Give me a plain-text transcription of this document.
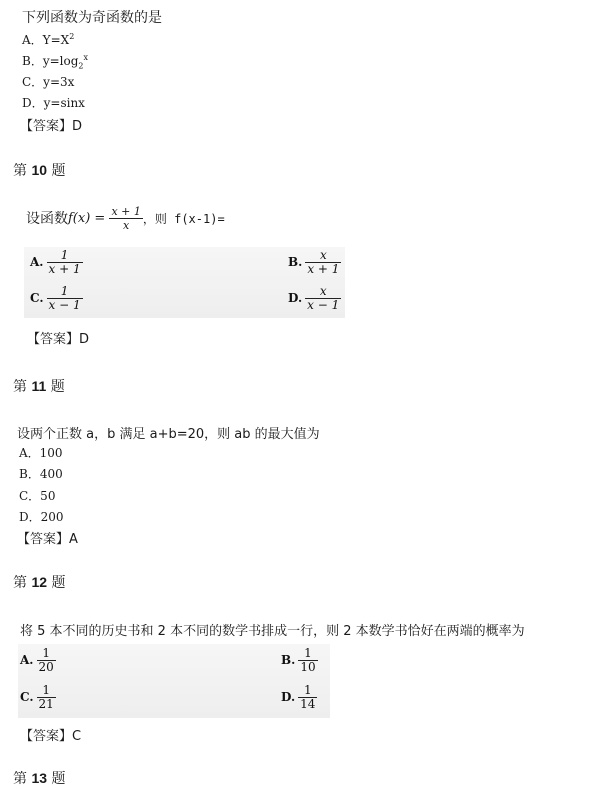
下列函数为奇函数的是
A．$Y=X^2$
B．$y=\log_2^x$
C．y=3x
D．y=sinx
【答案】D
第 10 题
设函数$f(x) = \frac{x + 1}{x}$ ，则 f(x-1)=
A. $\frac{1}{x + 1}$	B. $\frac{x}{x + 1}$
C. $\frac{1}{x - 1}$	D. $\frac{x}{x - 1}$
【答案】D
第 11 题
设两个正数 a，b 满足 a+b=20，则 ab 的最大值为
A．100
B．400
C．50
D．200
【答案】A
第 12 题
将 5 本不同的历史书和 2 本不同的数学书排成一行，则 2 本数学书恰好在两端的概率为
A. $\frac{1}{20}$	B. $\frac{1}{10}$
C. $\frac{1}{21}$	D. $\frac{1}{14}$
【答案】C
第 13 题
